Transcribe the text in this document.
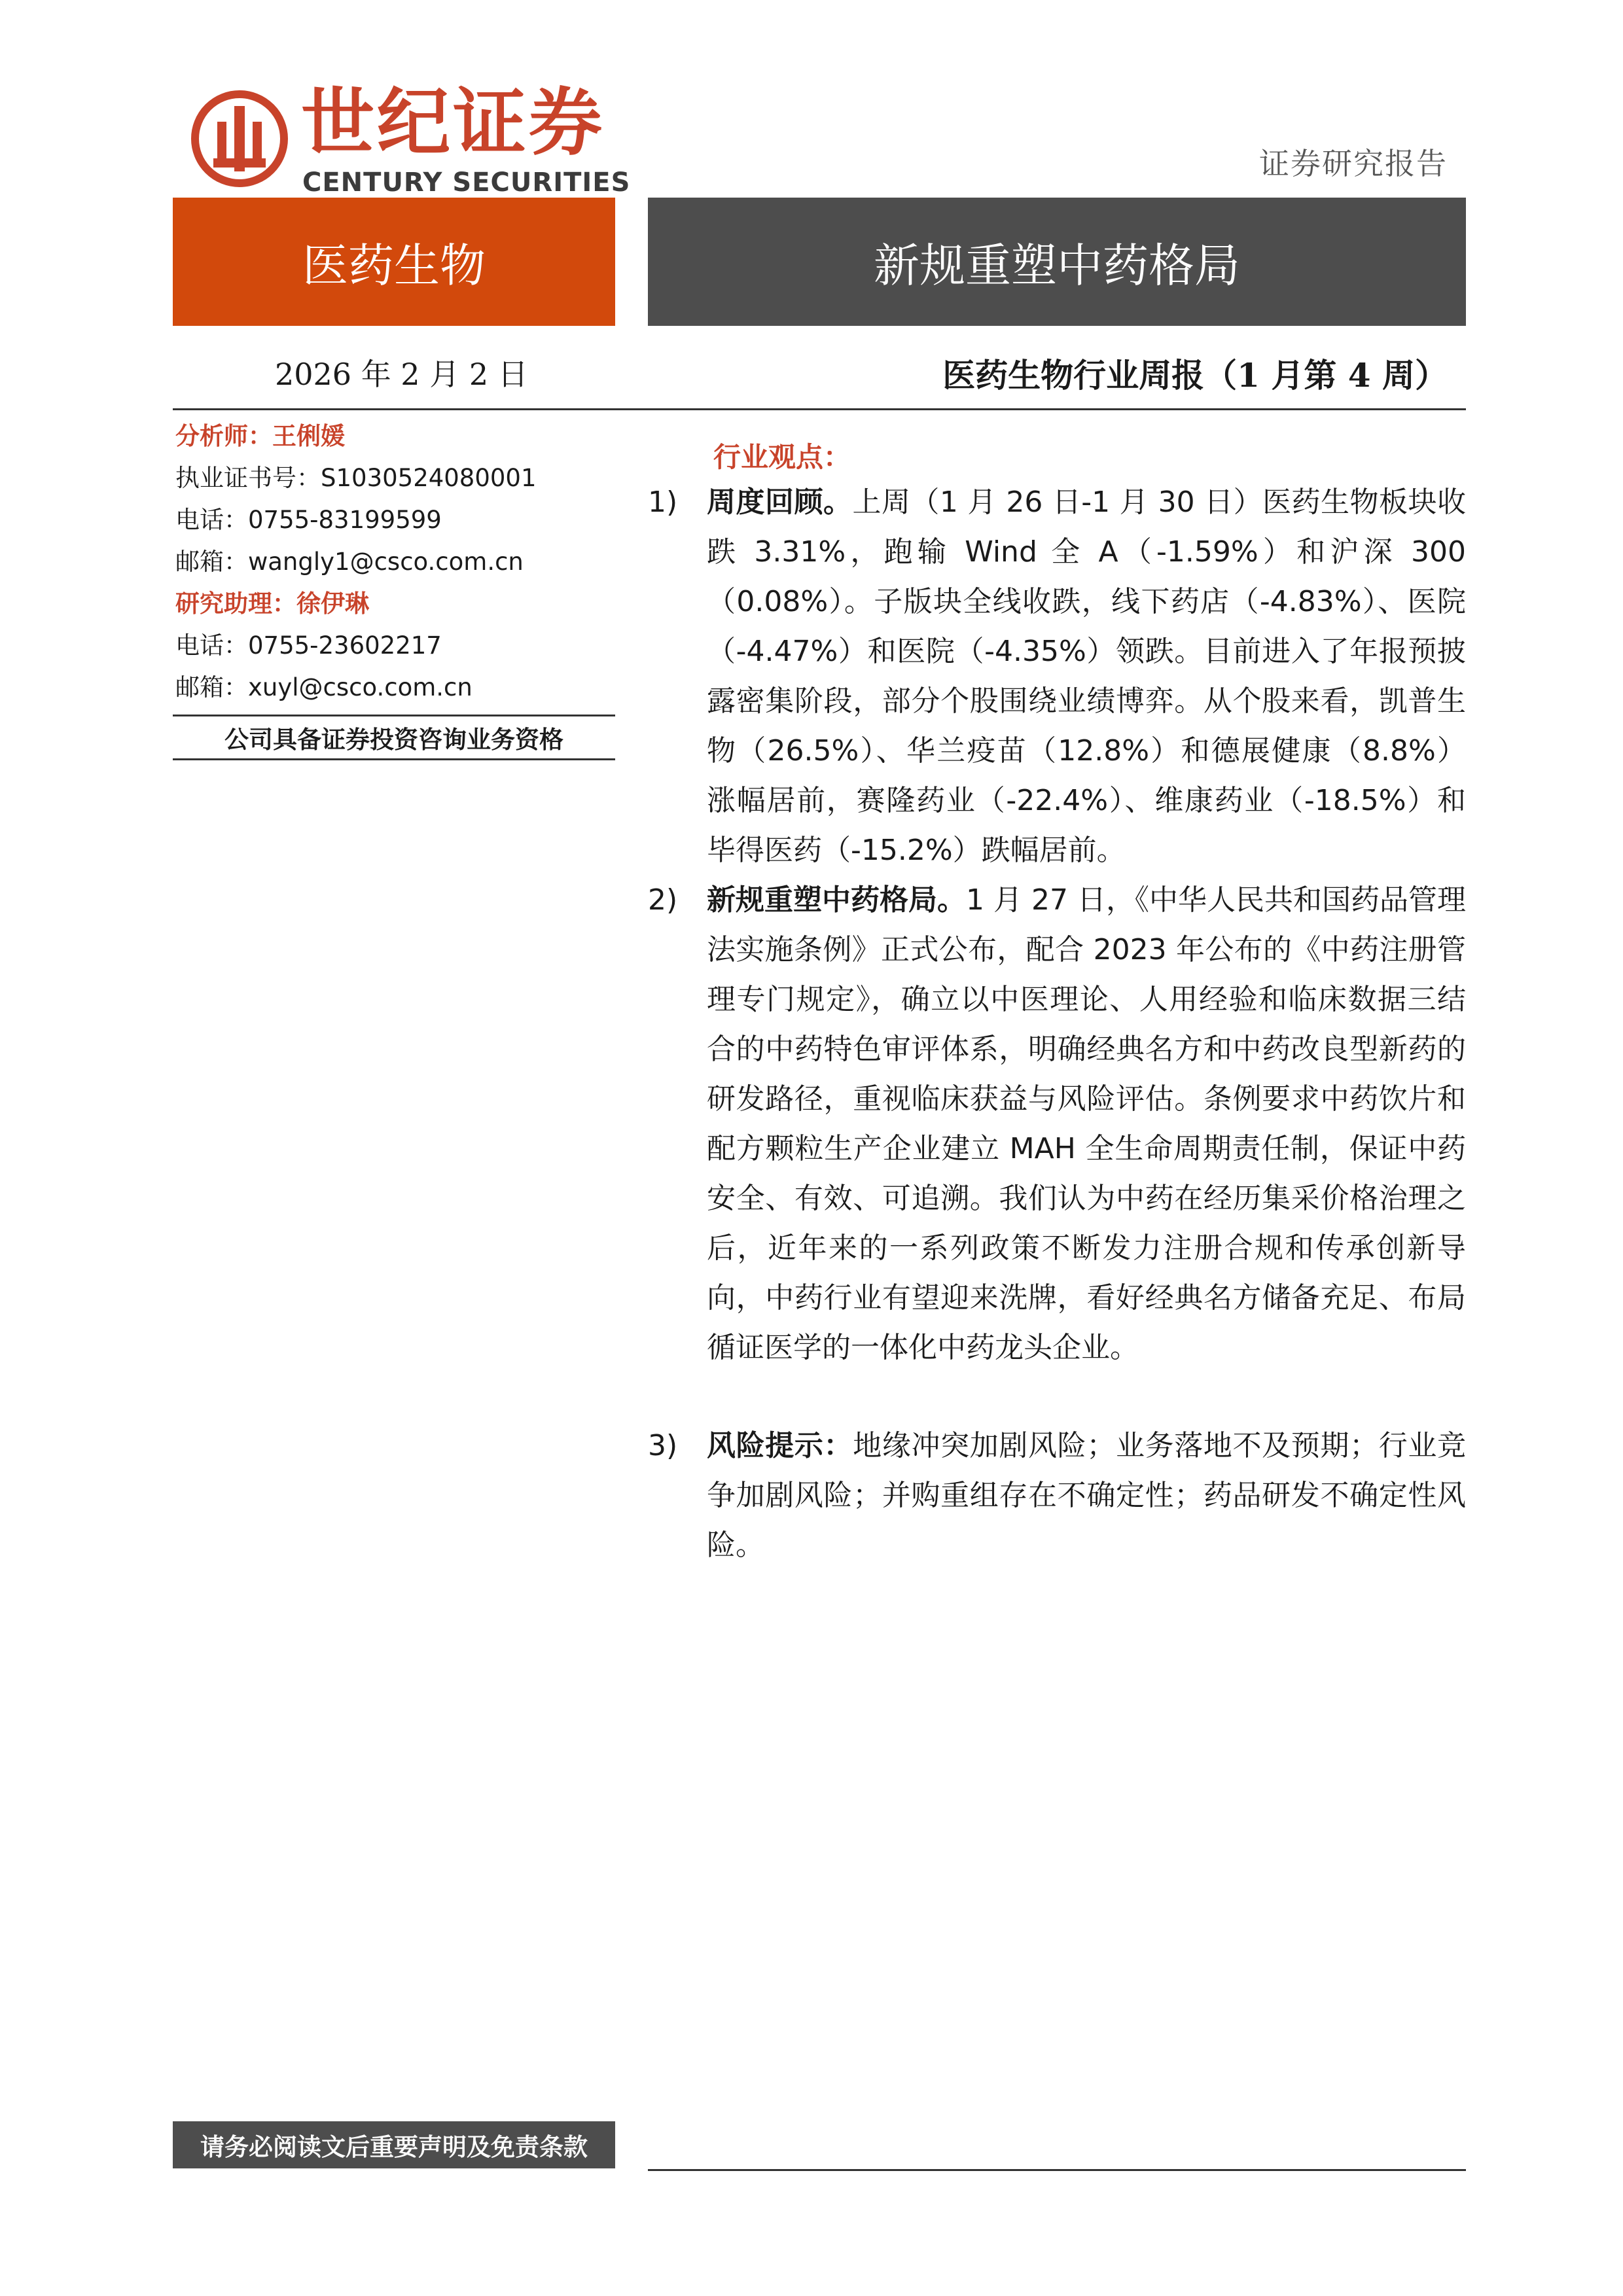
世纪证券
CENTURY SECURITIES
证券研究报告
医药生物	新规重塑中药格局
2026 年 2 月 2 日	医药生物行业周报（1 月第 4 周）
分析师：王俐媛
执业证书号：S1030524080001
电话：0755-83199599
邮箱：wangly1@csco.com.cn
研究助理：徐伊琳
电话：0755-23602217
邮箱：xuyl@csco.com.cn
公司具备证券投资咨询业务资格
行业观点：
1) 周度回顾。上周（1 月 26 日-1 月 30 日）医药生物板块收跌 3.31%，跑输 Wind 全 A（-1.59%）和沪深 300（0.08%）。子版块全线收跌，线下药店（-4.83%）、医院（-4.47%）和医院（-4.35%）领跌。目前进入了年报预披露密集阶段，部分个股围绕业绩博弈。从个股来看，凯普生物（26.5%）、华兰疫苗（12.8%）和德展健康（8.8%）涨幅居前，赛隆药业（-22.4%）、维康药业（-18.5%）和毕得医药（-15.2%）跌幅居前。
2) 新规重塑中药格局。1 月 27 日，《中华人民共和国药品管理法实施条例》正式公布，配合 2023 年公布的《中药注册管理专门规定》，确立以中医理论、人用经验和临床数据三结合的中药特色审评体系，明确经典名方和中药改良型新药的研发路径，重视临床获益与风险评估。条例要求中药饮片和配方颗粒生产企业建立 MAH 全生命周期责任制，保证中药安全、有效、可追溯。我们认为中药在经历集采价格治理之后，近年来的一系列政策不断发力注册合规和传承创新导向，中药行业有望迎来洗牌，看好经典名方储备充足、布局循证医学的一体化中药龙头企业。
3) 风险提示：地缘冲突加剧风险；业务落地不及预期；行业竞争加剧风险；并购重组存在不确定性；药品研发不确定性风险。
请务必阅读文后重要声明及免责条款
